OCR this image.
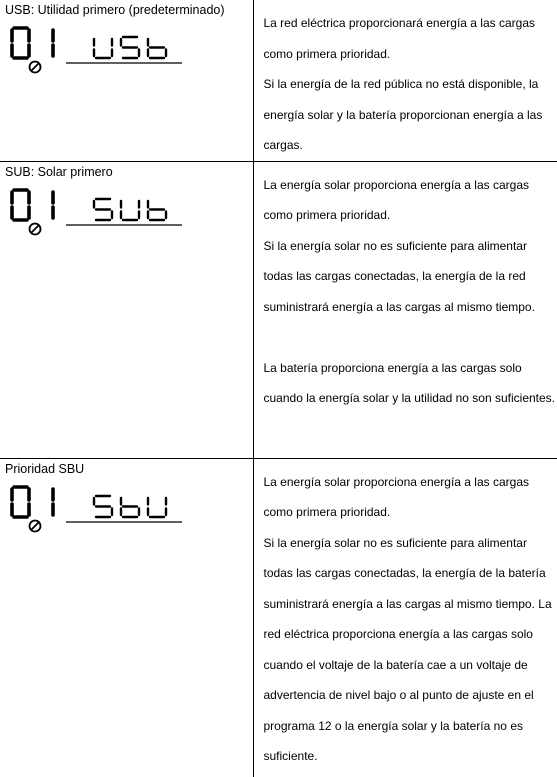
USB: Utilidad primero (predeterminado)	La red eléctrica proporcionará energía a las cargas como primera prioridad.

Si la energía de la red pública no está disponible, la energía solar y la batería proporcionan energía a las cargas.

SUB: Solar primero	La energía solar proporciona energía a las cargas como primera prioridad.

Si la energía solar no es suficiente para alimentar todas las cargas conectadas, la energía de la red suministrará energía a las cargas al mismo tiempo.

La batería proporciona energía a las cargas solo cuando la energía solar y la utilidad no son suficientes.

Prioridad SBU	La energía solar proporciona energía a las cargas como primera prioridad.

Si la energía solar no es suficiente para alimentar todas las cargas conectadas, la energía de la batería suministrará energía a las cargas al mismo tiempo. La red eléctrica proporciona energía a las cargas solo cuando el voltaje de la batería cae a un voltaje de advertencia de nivel bajo o al punto de ajuste en el programa 12 o la energía solar y la batería no es suficiente.
